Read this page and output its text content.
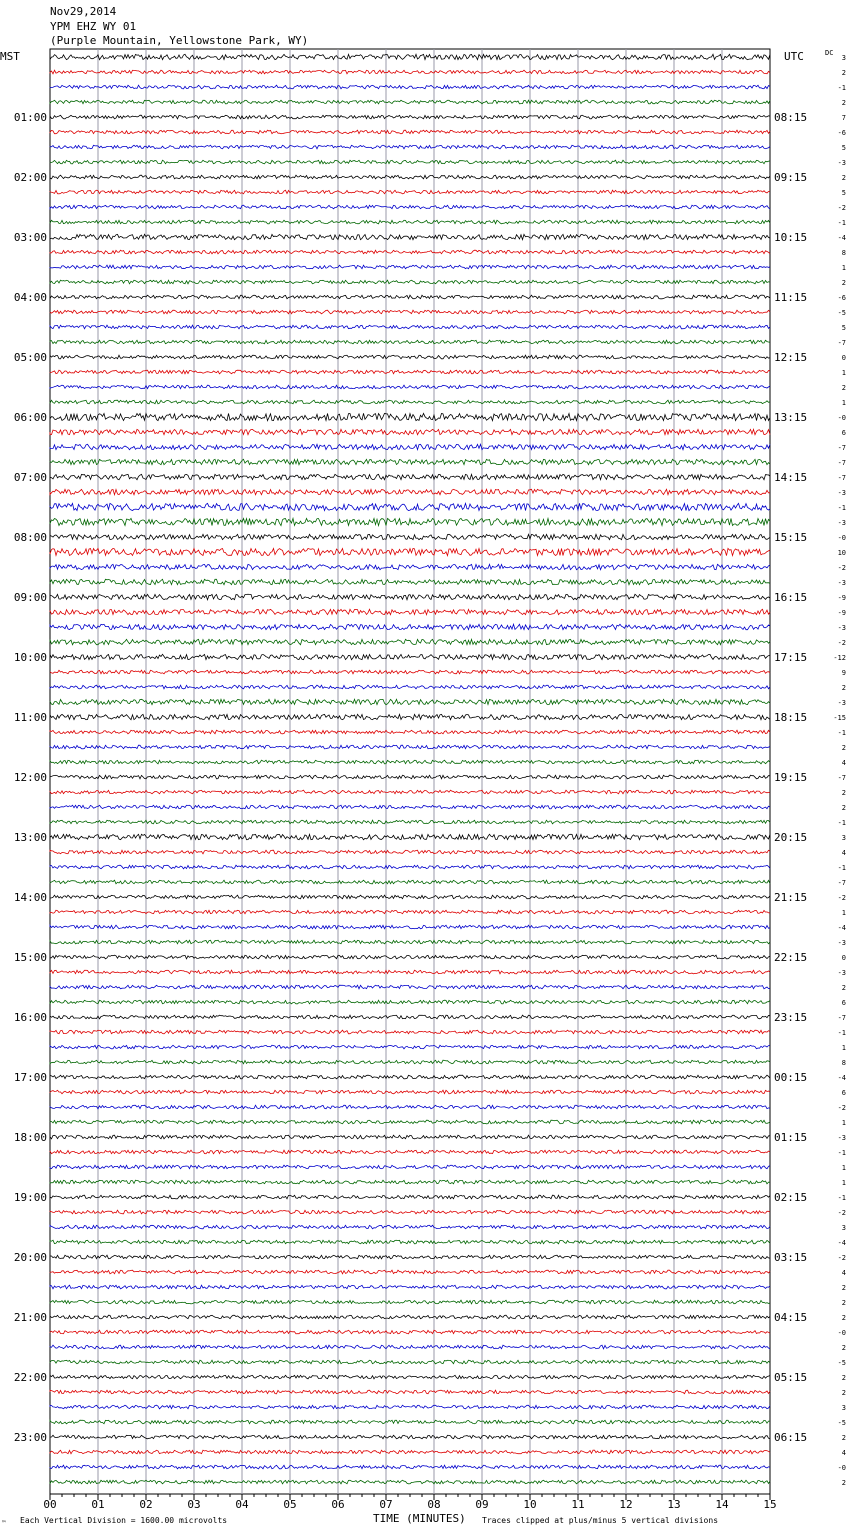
Nov29,2014
YPM EHZ WY 01
(Purple Mountain, Yellowstone Park, WY)
MST	UTC	DC
00	01	02	03	04	05	06	07	08	09	10	11	12	13	14	15
3
2
-1
2
7
-6
5
-3
2
5
-2
-1
-4
8
1
2
-6
-5
5
-7
0
1
2
1
-0
6
-7
-7
-7
-3
-1
-3
-0
10
-2
-3
-9
-9
-3
-2
-12
9
2
-3
-15
-1
2
4
-7
2
2
-1
3
4
-1
-7
-2
1
-4
-3
0
-3
2
6
-7
-1
1
8
-4
6
-2
1
-3
-1
1
1
-1
-2
3
-4
-2
4
2
2
2
-0
2
-5
2
2
3
-5
2
4
-0
2
01:00
02:00
03:00
04:00
05:00
06:00
07:00
08:00
09:00
10:00
11:00
12:00
13:00
14:00
15:00
16:00
17:00
18:00
19:00
20:00
21:00
22:00
23:00
08:15
09:15
10:15
11:15
12:15
13:15
14:15
15:15
16:15
17:15
18:15
19:15
20:15
21:15
22:15
23:15
00:15
01:15
02:15
03:15
04:15
05:15
06:15
™ Each Vertical Division = 1600.00 microvolts	TIME (MINUTES) Traces clipped at plus/minus 5 vertical divisions
